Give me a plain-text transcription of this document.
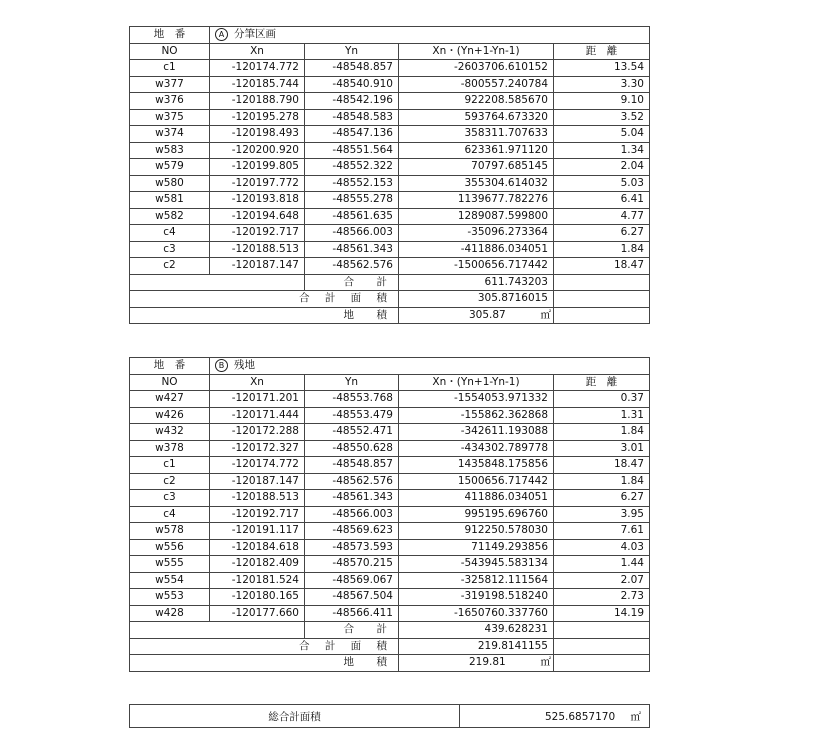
地　番	A 分筆区画			
NO	Xn	Yn	Xn・(Yn+1-Yn-1)	距　離
c1	-120174.772	-48548.857	-2603706.610152	13.54
w377	-120185.744	-48540.910	-800557.240784	3.30
w376	-120188.790	-48542.196	922208.585670	9.10
w375	-120195.278	-48548.583	593764.673320	3.52
w374	-120198.493	-48547.136	358311.707633	5.04
w583	-120200.920	-48551.564	623361.971120	1.34
w579	-120199.805	-48552.322	70797.685145	2.04
w580	-120197.772	-48552.153	355304.614032	5.03
w581	-120193.818	-48555.278	1139677.782276	6.41
w582	-120194.648	-48561.635	1289087.599800	4.77
c4	-120192.717	-48566.003	-35096.273364	6.27
c3	-120188.513	-48561.343	-411886.034051	1.84
c2	-120187.147	-48562.576	-1500656.717442	18.47
		合　計	611.743203	
合 計 面 積			305.8716015	
地　積			305.87 ㎡	

地　番	B 残地			
NO	Xn	Yn	Xn・(Yn+1-Yn-1)	距　離
w427	-120171.201	-48553.768	-1554053.971332	0.37
w426	-120171.444	-48553.479	-155862.362868	1.31
w432	-120172.288	-48552.471	-342611.193088	1.84
w378	-120172.327	-48550.628	-434302.789778	3.01
c1	-120174.772	-48548.857	1435848.175856	18.47
c2	-120187.147	-48562.576	1500656.717442	1.84
c3	-120188.513	-48561.343	411886.034051	6.27
c4	-120192.717	-48566.003	995195.696760	3.95
w578	-120191.117	-48569.623	912250.578030	7.61
w556	-120184.618	-48573.593	71149.293856	4.03
w555	-120182.409	-48570.215	-543945.583134	1.44
w554	-120181.524	-48569.067	-325812.111564	2.07
w553	-120180.165	-48567.504	-319198.518240	2.73
w428	-120177.660	-48566.411	-1650760.337760	14.19
		合　計	439.628231	
合 計 面 積			219.8141155	
地　積			219.81 ㎡	

総合計面積	525.6857170 ㎡
